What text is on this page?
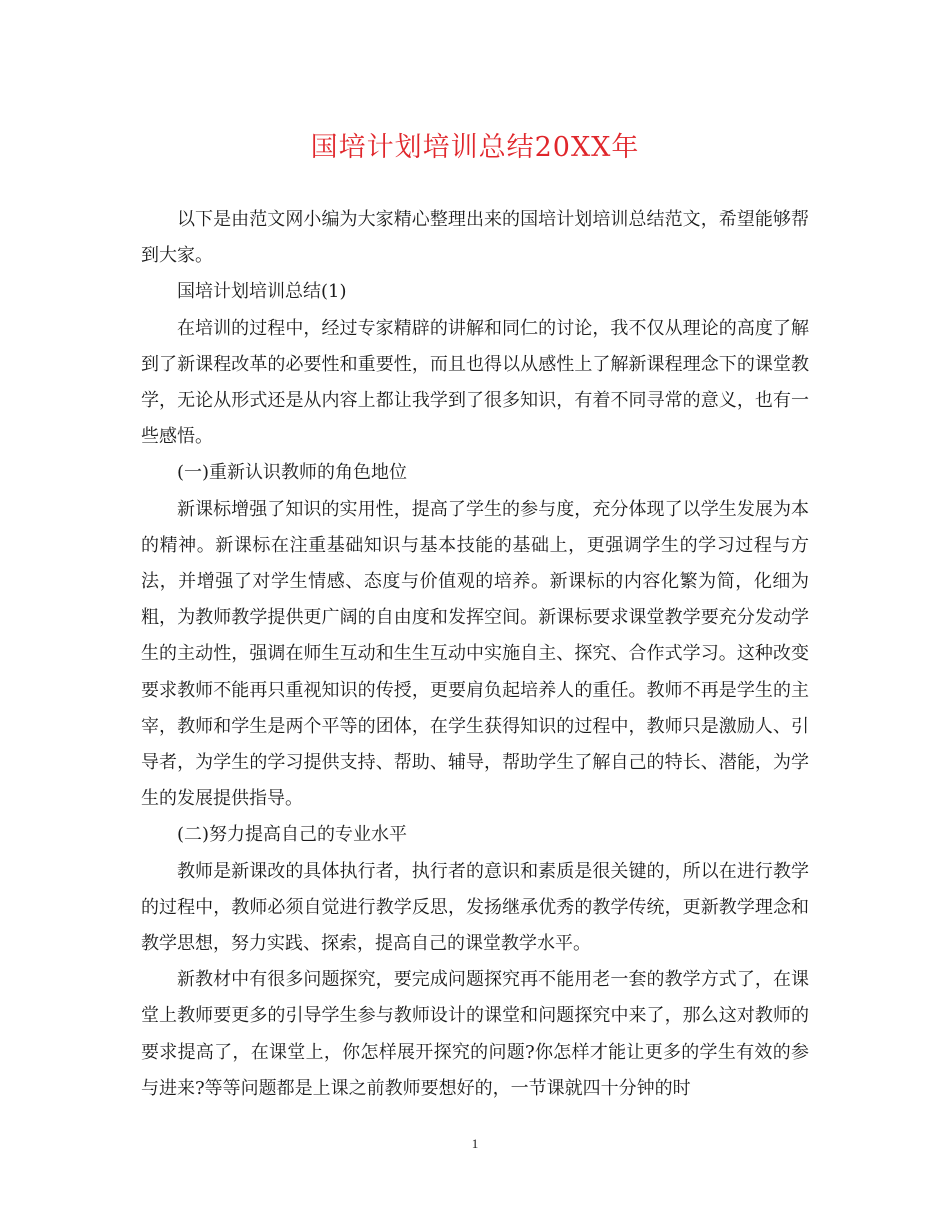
国培计划培训总结20XX年

以下是由范文网小编为大家精心整理出来的国培计划培训总结范文，希望能够帮到大家。

国培计划培训总结(1)

在培训的过程中，经过专家精辟的讲解和同仁的讨论，我不仅从理论的高度了解到了新课程改革的必要性和重要性，而且也得以从感性上了解新课程理念下的课堂教学，无论从形式还是从内容上都让我学到了很多知识，有着不同寻常的意义，也有一些感悟。

(一)重新认识教师的角色地位

新课标增强了知识的实用性，提高了学生的参与度，充分体现了以学生发展为本的精神。新课标在注重基础知识与基本技能的基础上，更强调学生的学习过程与方法，并增强了对学生情感、态度与价值观的培养。新课标的内容化繁为简，化细为粗，为教师教学提供更广阔的自由度和发挥空间。新课标要求课堂教学要充分发动学生的主动性，强调在师生互动和生生互动中实施自主、探究、合作式学习。这种改变要求教师不能再只重视知识的传授，更要肩负起培养人的重任。教师不再是学生的主宰，教师和学生是两个平等的团体，在学生获得知识的过程中，教师只是激励人、引导者，为学生的学习提供支持、帮助、辅导，帮助学生了解自己的特长、潜能，为学生的发展提供指导。

(二)努力提高自己的专业水平

教师是新课改的具体执行者，执行者的意识和素质是很关键的，所以在进行教学的过程中，教师必须自觉进行教学反思，发扬继承优秀的教学传统，更新教学理念和教学思想，努力实践、探索，提高自己的课堂教学水平。

新教材中有很多问题探究，要完成问题探究再不能用老一套的教学方式了，在课堂上教师要更多的引导学生参与教师设计的课堂和问题探究中来了，那么这对教师的要求提高了，在课堂上，你怎样展开探究的问题?你怎样才能让更多的学生有效的参与进来?等等问题都是上课之前教师要想好的，一节课就四十分钟的时

1
